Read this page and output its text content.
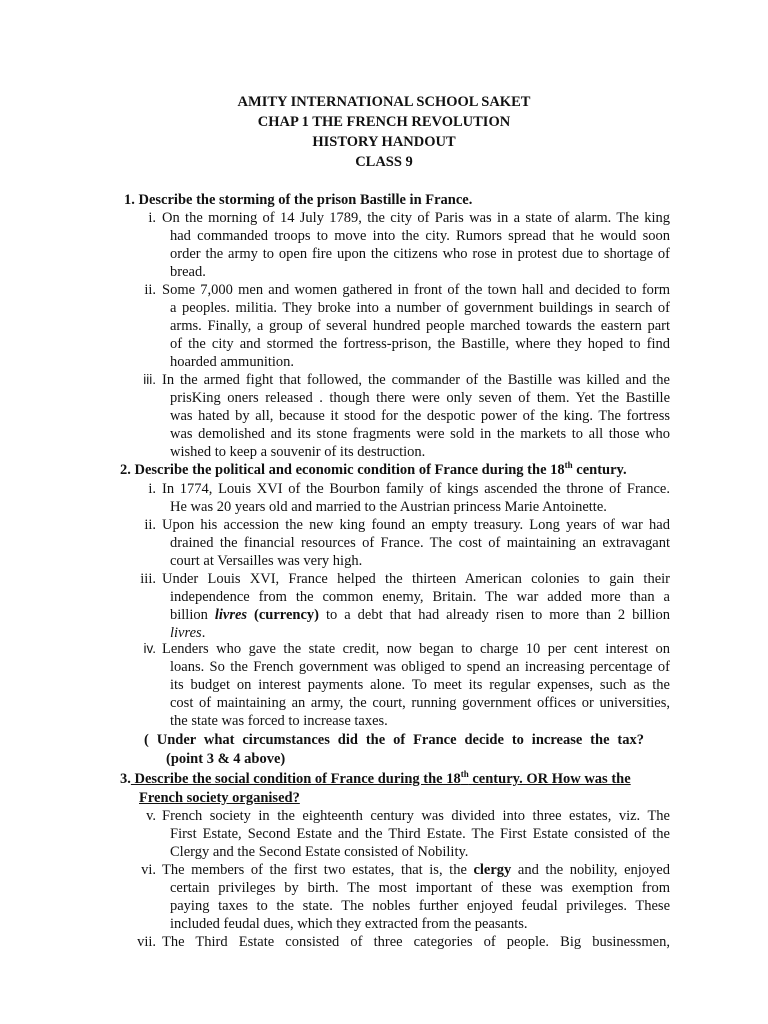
AMITY INTERNATIONAL SCHOOL SAKET
CHAP 1 THE FRENCH REVOLUTION
HISTORY HANDOUT
CLASS 9
1. Describe the storming of the prison Bastille in France.
i. On the morning of 14 July 1789, the city of Paris was in a state of alarm. The king
had commanded troops to move into the city. Rumors spread that he would soon
order the army to open fire upon the citizens who rose in protest due to shortage of
bread.
ii. Some 7,000 men and women gathered in front of the town hall and decided to form
a peoples. militia. They broke into a number of government buildings in search of
arms. Finally, a group of several hundred people marched towards the eastern part
of the city and stormed the fortress-prison, the Bastille, where they hoped to find
hoarded ammunition.
iii. In the armed fight that followed, the commander of the Bastille was killed and the
prisKing oners released . though there were only seven of them. Yet the Bastille
was hated by all, because it stood for the despotic power of the king. The fortress
was demolished and its stone fragments were sold in the markets to all those who
wished to keep a souvenir of its destruction.
2. Describe the political and economic condition of France during the 18th century.
i. In 1774, Louis XVI of the Bourbon family of kings ascended the throne of France.
He was 20 years old and married to the Austrian princess Marie Antoinette.
ii. Upon his accession the new king found an empty treasury. Long years of war had
drained the financial resources of France. The cost of maintaining an extravagant
court at Versailles was very high.
iii. Under Louis XVI, France helped the thirteen American colonies to gain their
independence from the common enemy, Britain. The war added more than a
billion livres (currency) to a debt that had already risen to more than 2 billion
livres.
iv. Lenders who gave the state credit, now began to charge 10 per cent interest on
loans. So the French government was obliged to spend an increasing percentage of
its budget on interest payments alone. To meet its regular expenses, such as the
cost of maintaining an army, the court, running government offices or universities,
the state was forced to increase taxes.
( Under what circumstances did the of France decide to increase the tax?
(point 3 & 4 above)
3. Describe the social condition of France during the 18th century. OR How was the
French society organised?
v. French society in the eighteenth century was divided into three estates, viz. The
First Estate, Second Estate and the Third Estate. The First Estate consisted of the
Clergy and the Second Estate consisted of Nobility.
vi. The members of the first two estates, that is, the clergy and the nobility, enjoyed
certain privileges by birth. The most important of these was exemption from
paying taxes to the state. The nobles further enjoyed feudal privileges. These
included feudal dues, which they extracted from the peasants.
vii. The Third Estate consisted of three categories of people. Big businessmen,
